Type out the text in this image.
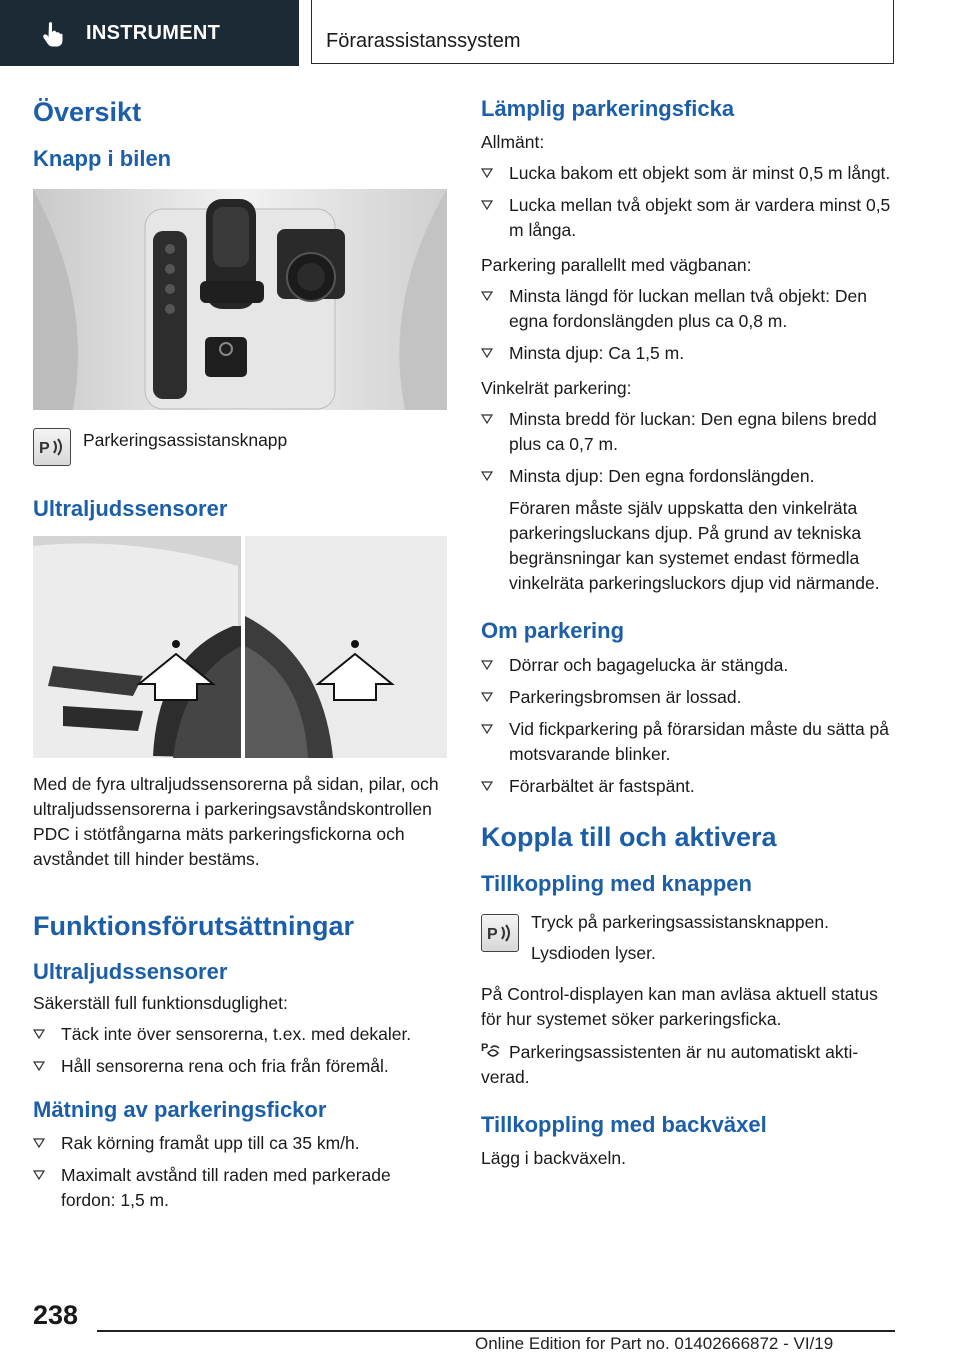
INSTRUMENT	Förarassistanssystem
Översikt
Knapp i bilen
P Parkeringsassistansknapp
Ultraljudssensorer

Med de fyra ultraljudssensorerna på sidan, pilar, och ultraljudssensorerna i parkeringsavståndskontrollen PDC i stötfångarna mäts parkeringsfickorna och avståndet till hinder bestäms.

Funktionsförutsättningar
Ultraljudssensorer

Säkerställ full funktionsduglighet:

Täck inte över sensorerna, t.ex. med dekaler.
Håll sensorerna rena och fria från föremål.
Mätning av parkeringsfickor
Rak körning framåt upp till ca 35 km/h.
Maximalt avstånd till raden med parkerade fordon: 1,5 m.
Lämplig parkeringsficka

Allmänt:

Lucka bakom ett objekt som är minst 0,5 m långt.
Lucka mellan två objekt som är vardera minst 0,5 m långa.

Parkering parallellt med vägbanan:

Minsta längd för luckan mellan två objekt: Den egna fordonslängden plus ca 0,8 m.
Minsta djup: Ca 1,5 m.

Vinkelrät parkering:

Minsta bredd för luckan: Den egna bilens bredd plus ca 0,7 m.
Minsta djup: Den egna fordonslängden.

Föraren måste själv uppskatta den vinkelräta parkeringsluckans djup. På grund av tekniska begränsningar kan systemet endast förmedla vinkelräta parkeringsluckors djup vid närmande.

Om parkering
Dörrar och bagagelucka är stängda.
Parkeringsbromsen är lossad.
Vid fickparkering på förarsidan måste du sätta på motsvarande blinker.
Förarbältet är fastspänt.
Koppla till och aktivera
Tillkoppling med knappen
P

Tryck på parkeringsassistansknappen.

Lysdioden lyser.

På Control-displayen kan man avläsa aktuell status för hur systemet söker parkeringsficka.

P Parkeringsassistenten är nu automatiskt aktiverad.

Tillkoppling med backväxel

Lägg i backväxeln.

238
Online Edition for Part no. 01402666872 - VI/19
